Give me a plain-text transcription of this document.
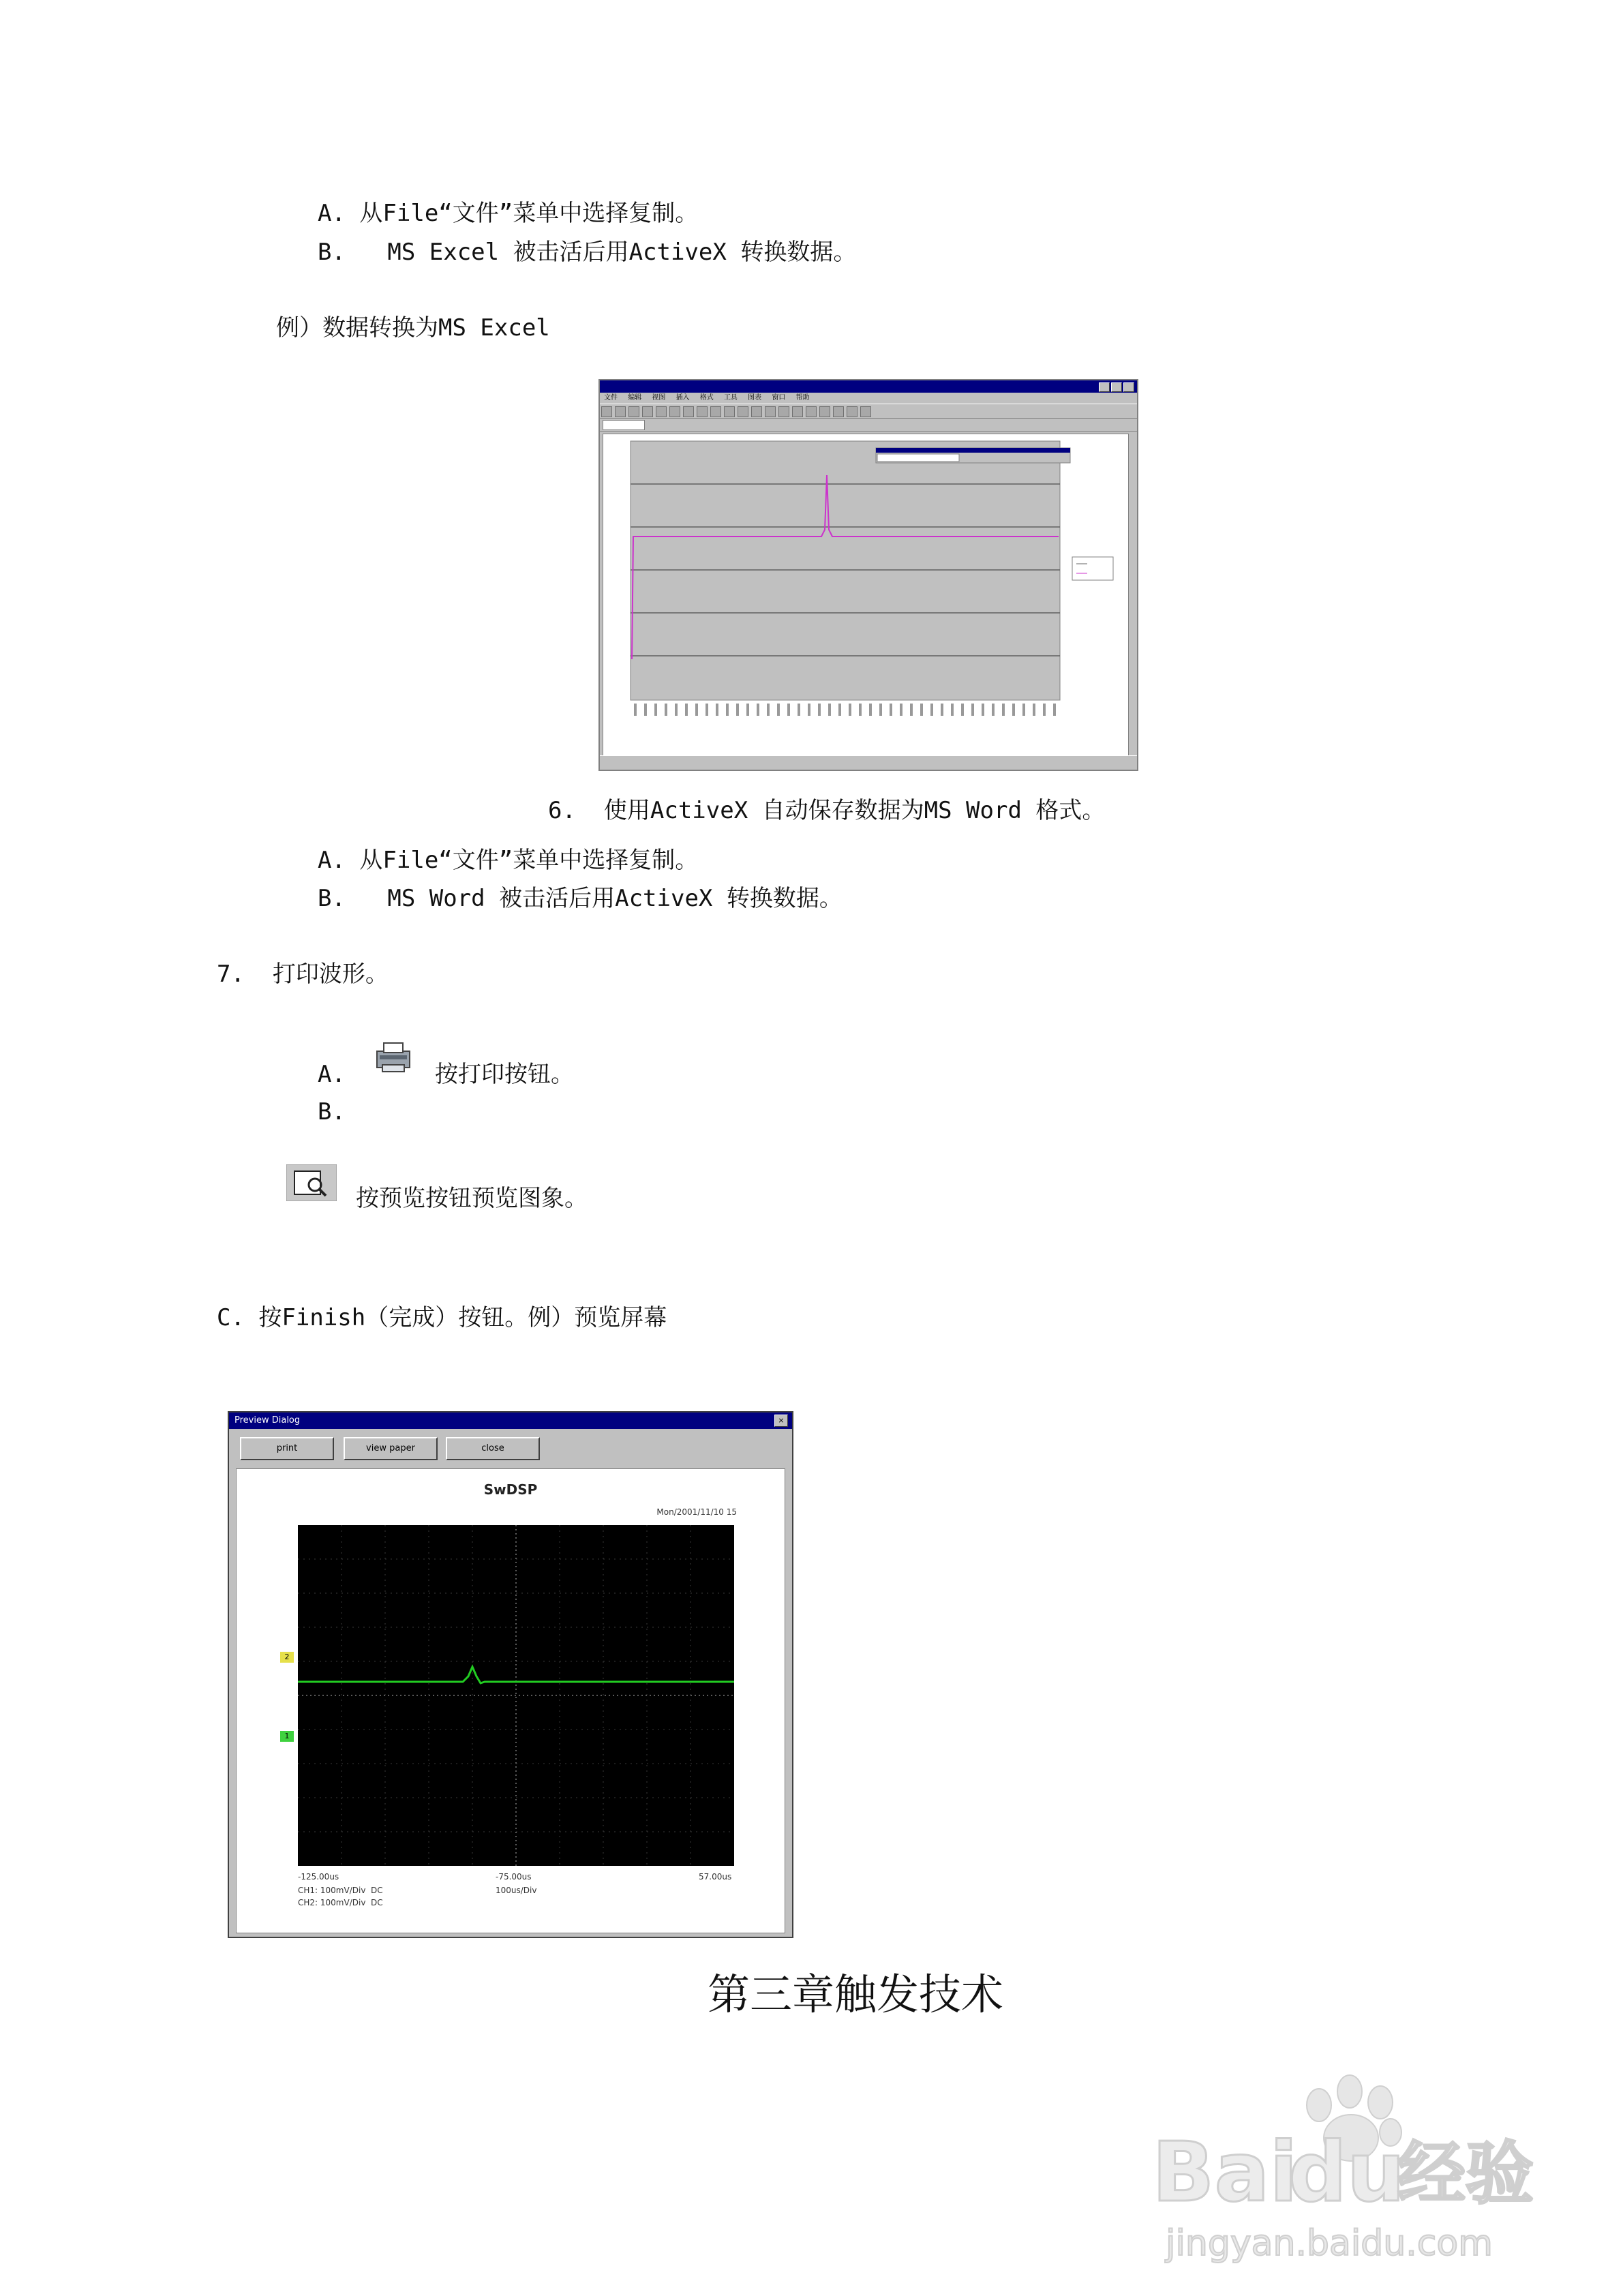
A. 从File“文件”菜单中选择复制。
B.   MS Excel 被击活后用ActiveX 转换数据。
例）数据转换为MS Excel
文件 编辑 视图 插入 格式 工具 图表 窗口 帮助
6.  使用ActiveX 自动保存数据为MS Word 格式。
A. 从File“文件”菜单中选择复制。
B.   MS Word 被击活后用ActiveX 转换数据。
7.  打印波形。
A.	按打印按钮。
B.
按预览按钮预览图象。
C. 按Finish（完成）按钮。例）预览屏幕
Preview Dialog	×
print	view paper	close
SwDSP
Mon/2001/11/10 15
2
1
-125.00us	-75.00us	57.00us
100us/Div
CH1: 100mV/Div  DC
CH2: 100mV/Div  DC
第三章触发技术
Bai
du
经验
jingyan.baidu.com
